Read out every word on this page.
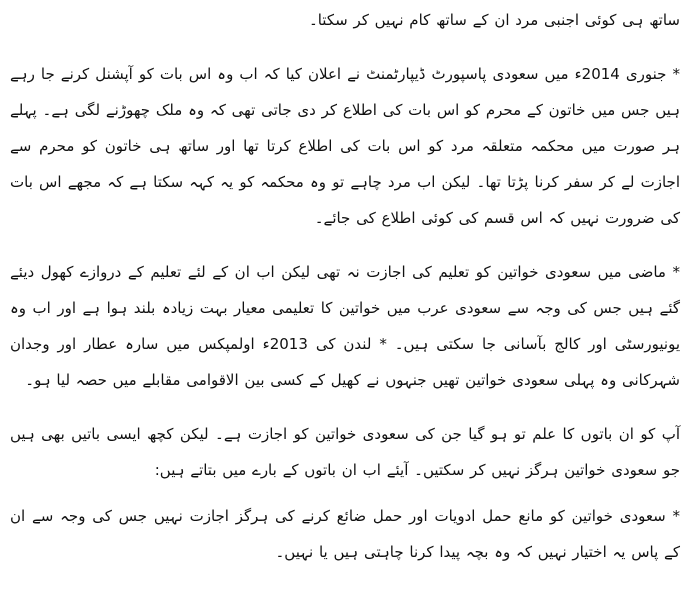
ساتھ ہی کوئی اجنبی مرد ان کے ساتھ کام نہیں کر سکتا۔

* جنوری 2014ء میں سعودی پاسپورٹ ڈیپارٹمنٹ نے اعلان کیا کہ اب وہ اس بات کو آپشنل کرنے جا رہے ہیں جس میں خاتون کے محرم کو اس بات کی اطلاع کر دی جاتی تھی کہ وہ ملک چھوڑنے لگی ہے۔ پہلے ہر صورت میں محکمہ متعلقہ مرد کو اس بات کی اطلاع کرتا تھا اور ساتھ ہی خاتون کو محرم سے اجازت لے کر سفر کرنا پڑتا تھا۔ لیکن اب مرد چاہے تو وہ محکمہ کو یہ کہہ سکتا ہے کہ مجھے اس بات کی ضرورت نہیں کہ اس قسم کی کوئی اطلاع کی جائے۔

* ماضی میں سعودی خواتین کو تعلیم کی اجازت نہ تھی لیکن اب ان کے لئے تعلیم کے دروازے کھول دیئے گئے ہیں جس کی وجہ سے سعودی عرب میں خواتین کا تعلیمی معیار بہت زیادہ بلند ہوا ہے اور اب وہ یونیورسٹی اور کالج بآسانی جا سکتی ہیں۔ * لندن کی 2013ء اولمپکس میں سارہ عطار اور وجدان شہرکانی وہ پہلی سعودی خواتین تھیں جنہوں نے کھیل کے کسی بین الاقوامی مقابلے میں حصہ لیا ہو۔

آپ کو ان باتوں کا علم تو ہو گیا جن کی سعودی خواتین کو اجازت ہے۔ لیکن کچھ ایسی باتیں بھی ہیں جو سعودی خواتین ہرگز نہیں کر سکتیں۔ آیئے اب ان باتوں کے بارے میں بتاتے ہیں:

* سعودی خواتین کو مانع حمل ادویات اور حمل ضائع کرنے کی ہرگز اجازت نہیں جس کی وجہ سے ان کے پاس یہ اختیار نہیں کہ وہ بچہ پیدا کرنا چاہتی ہیں یا نہیں۔
